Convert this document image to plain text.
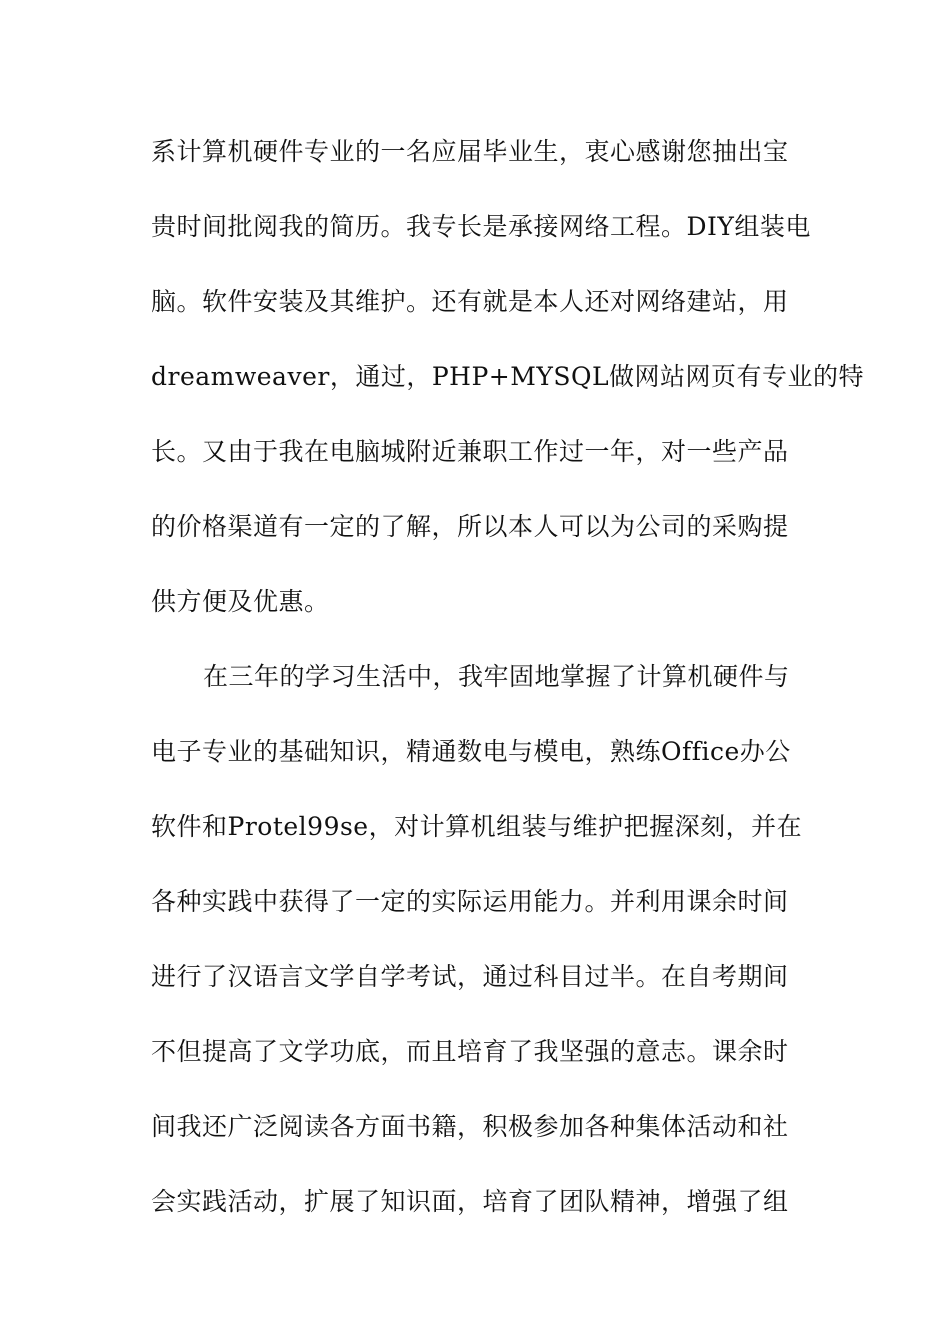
系计算机硬件专业的一名应届毕业生，衷心感谢您抽出宝
贵时间批阅我的简历。我专长是承接网络工程。DIY组装电
脑。软件安装及其维护。还有就是本人还对网络建站，用
dreamweaver，通过，PHP+MYSQL做网站网页有专业的特
长。又由于我在电脑城附近兼职工作过一年，对一些产品
的价格渠道有一定的了解，所以本人可以为公司的采购提
供方便及优惠。
在三年的学习生活中，我牢固地掌握了计算机硬件与
电子专业的基础知识，精通数电与模电，熟练Office办公
软件和Protel99se，对计算机组装与维护把握深刻，并在
各种实践中获得了一定的实际运用能力。并利用课余时间
进行了汉语言文学自学考试，通过科目过半。在自考期间
不但提高了文学功底，而且培育了我坚强的意志。课余时
间我还广泛阅读各方面书籍，积极参加各种集体活动和社
会实践活动，扩展了知识面，培育了团队精神，增强了组
